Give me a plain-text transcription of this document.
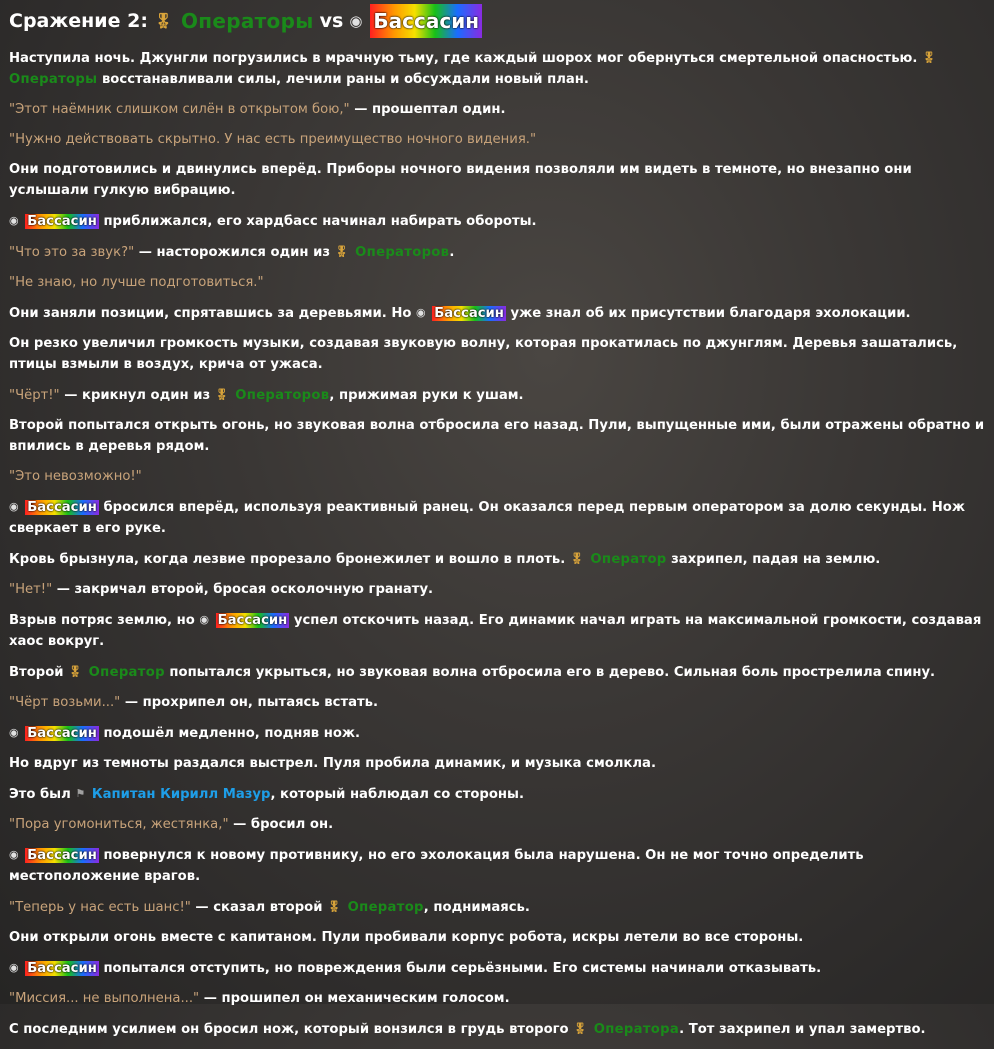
Сражение 2: 🎖 Операторы vs ◉ Бассасин

Наступила ночь. Джунгли погрузились в мрачную тьму, где каждый шорох мог обернуться смертельной опасностью. 🎖 Операторы восстанавливали силы, лечили раны и обсуждали новый план.

"Этот наёмник слишком силён в открытом бою," — прошептал один.

"Нужно действовать скрытно. У нас есть преимущество ночного видения."

Они подготовились и двинулись вперёд. Приборы ночного видения позволяли им видеть в темноте, но внезапно они услышали гулкую вибрацию.

◉ Бассасин приближался, его хардбасс начинал набирать обороты.

"Что это за звук?" — насторожился один из 🎖 Операторов.

"Не знаю, но лучше подготовиться."

Они заняли позиции, спрятавшись за деревьями. Но ◉ Бассасин уже знал об их присутствии благодаря эхолокации.

Он резко увеличил громкость музыки, создавая звуковую волну, которая прокатилась по джунглям. Деревья зашатались, птицы взмыли в воздух, крича от ужаса.

"Чёрт!" — крикнул один из 🎖 Операторов, прижимая руки к ушам.

Второй попытался открыть огонь, но звуковая волна отбросила его назад. Пули, выпущенные ими, были отражены обратно и впились в деревья рядом.

"Это невозможно!"

◉ Бассасин бросился вперёд, используя реактивный ранец. Он оказался перед первым оператором за долю секунды. Нож сверкает в его руке.

Кровь брызнула, когда лезвие прорезало бронежилет и вошло в плоть. 🎖 Оператор захрипел, падая на землю.

"Нет!" — закричал второй, бросая осколочную гранату.

Взрыв потряс землю, но ◉ Бассасин успел отскочить назад. Его динамик начал играть на максимальной громкости, создавая хаос вокруг.

Второй 🎖 Оператор попытался укрыться, но звуковая волна отбросила его в дерево. Сильная боль прострелила спину.

"Чёрт возьми..." — прохрипел он, пытаясь встать.

◉ Бассасин подошёл медленно, подняв нож.

Но вдруг из темноты раздался выстрел. Пуля пробила динамик, и музыка смолкла.

Это был ⚑ Капитан Кирилл Мазур, который наблюдал со стороны.

"Пора угомониться, жестянка," — бросил он.

◉ Бассасин повернулся к новому противнику, но его эхолокация была нарушена. Он не мог точно определить местоположение врагов.

"Теперь у нас есть шанс!" — сказал второй 🎖 Оператор, поднимаясь.

Они открыли огонь вместе с капитаном. Пули пробивали корпус робота, искры летели во все стороны.

◉ Бассасин попытался отступить, но повреждения были серьёзными. Его системы начинали отказывать.

"Миссия... не выполнена..." — прошипел он механическим голосом.

С последним усилием он бросил нож, который вонзился в грудь второго 🎖 Оператора. Тот захрипел и упал замертво.
